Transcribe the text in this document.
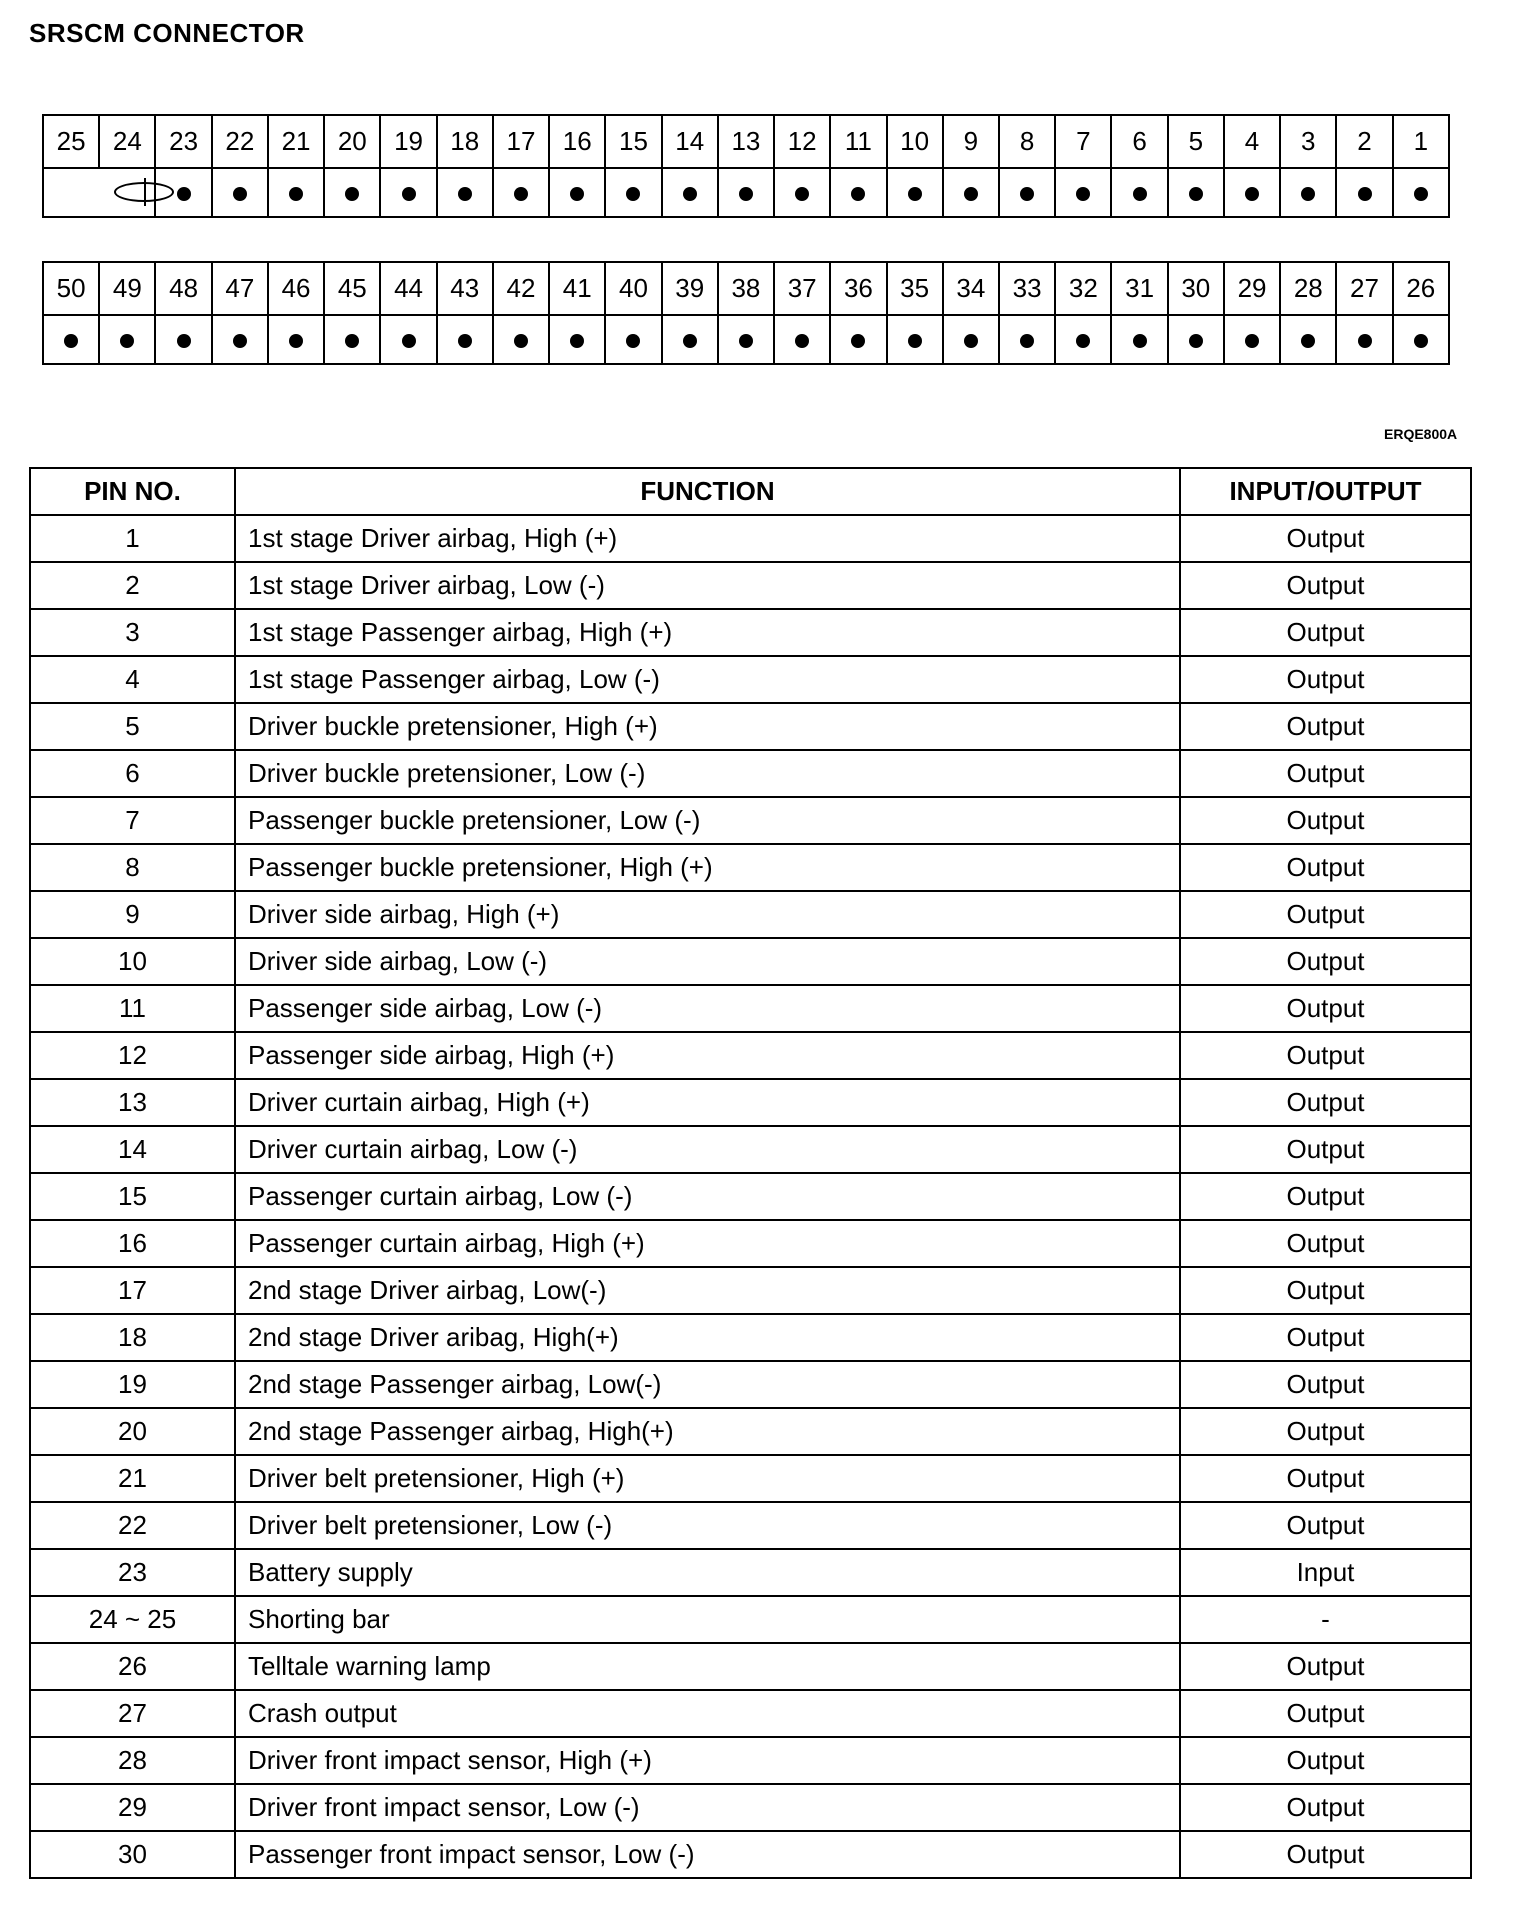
SRSCM CONNECTOR
25	24	23	22	21	20	19	18	17	16	15	14	13	12	11	10	9	8	7	6	5	4	3	2	1

50	49	48	47	46	45	44	43	42	41	40	39	38	37	36	35	34	33	32	31	30	29	28	27	26

ERQE800A
PIN NO.	FUNCTION	INPUT/OUTPUT
1	1st stage Driver airbag, High (+)	Output
2	1st stage Driver airbag, Low (-)	Output
3	1st stage Passenger airbag, High (+)	Output
4	1st stage Passenger airbag, Low (-)	Output
5	Driver buckle pretensioner, High (+)	Output
6	Driver buckle pretensioner, Low (-)	Output
7	Passenger buckle pretensioner, Low (-)	Output
8	Passenger buckle pretensioner, High (+)	Output
9	Driver side airbag, High (+)	Output
10	Driver side airbag, Low (-)	Output
11	Passenger side airbag, Low (-)	Output
12	Passenger side airbag, High (+)	Output
13	Driver curtain airbag, High (+)	Output
14	Driver curtain airbag, Low (-)	Output
15	Passenger curtain airbag, Low (-)	Output
16	Passenger curtain airbag, High (+)	Output
17	2nd stage Driver airbag, Low(-)	Output
18	2nd stage Driver aribag, High(+)	Output
19	2nd stage Passenger airbag, Low(-)	Output
20	2nd stage Passenger airbag, High(+)	Output
21	Driver belt pretensioner, High (+)	Output
22	Driver belt pretensioner, Low (-)	Output
23	Battery supply	Input
24 ~ 25	Shorting bar	-
26	Telltale warning lamp	Output
27	Crash output	Output
28	Driver front impact sensor, High (+)	Output
29	Driver front impact sensor, Low (-)	Output
30	Passenger front impact sensor, Low (-)	Output
